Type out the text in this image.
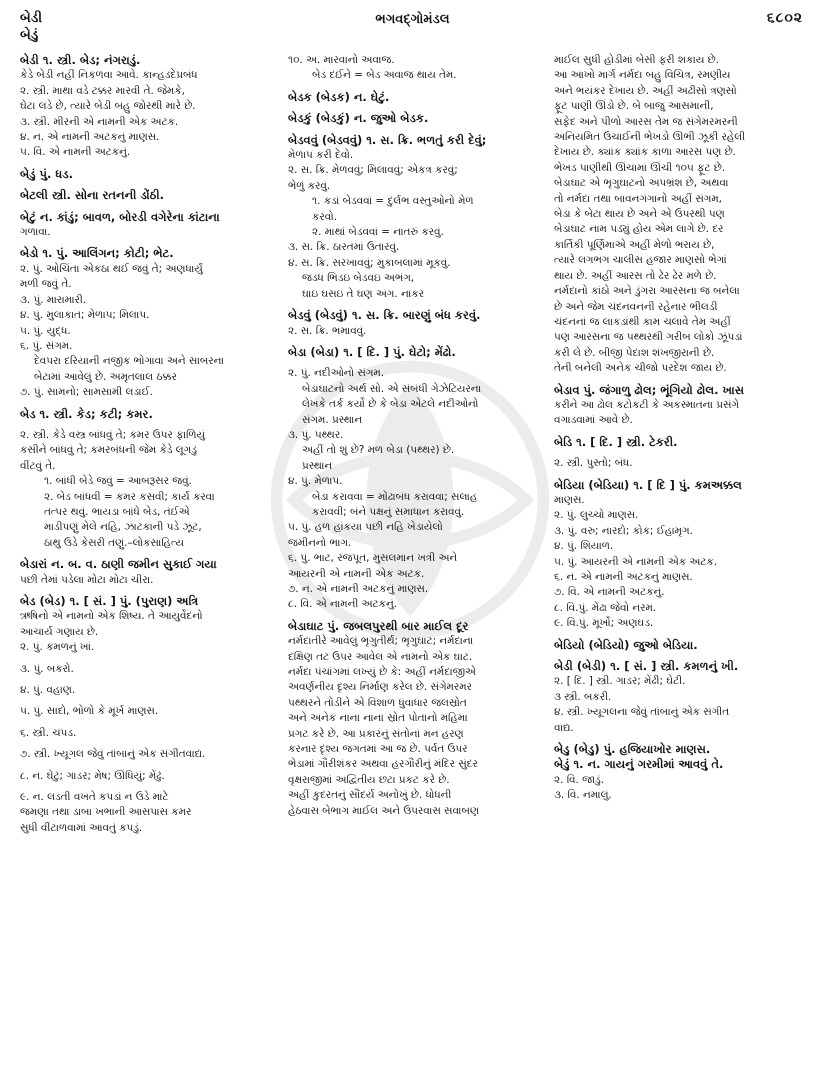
બેડી
બેડું
ભગવદ્ગોમંડલ	૬૮૦૨
બેડી ૧. સ્ત્રી. બેડ; નંગરાડું.
કેડે બેડી નહીં નિકળવા આવે. કાન્હડદેપ્રબંધ
૨. સ્ત્રી. માથા વડે ટક્કર મારવી તે. જેમકે,
ઘેટા લડે છે, ત્યારે બેડી બહુ જોરથી મારે છે.
૩. સ્ત્રી. મીરની એ નામની એક અટક.
૪. ન. એ નામની અટકનું માણસ.
૫. વિ. એ નામની અટકનું.
બેડું પું. ધડ.
બેટલી સ્ત્રી. સોના રતનની ડોંઠી.
બેટું ન. કાંડું; બાવળ, બોરડી વગેરેના કાંટાના
ગળાવા.
બેડો ૧. પું. આલિંગન; કોટી; ભેટ.
૨. પું. ઓચિંતા એકઠા થઈ જવું તે; અણધાર્યું
મળી જવું તે.
૩. પું. મારામારી.
૪. પું. મુલાકાત; મેળાપ; મિલાપ.
૫. પું. યુદ્ધ.
૬. પું. સંગમ.
દેવપરા દરિયાની નજીક ભોગાવા અને સાબરના
બેટામાં આવેલું છે. અમૃતલાલ ઠક્કર
૭. પું. સામનો; સામસામી લડાઈ.
બેડ ૧. સ્ત્રી. કેડ; કટી; કમર.
૨. સ્ત્રી. કેડે વસ્ત્ર બાંધવું તે; કમર ઉપર ફાળિયું
કસીને બાંધવું તે; કમરબંધની જેમ કેડે લૂગડું
વીંટવું તે.
૧. બાંધી બેડે જવું = આબરૂસર જવું.
૨. બેડ બાંધવી = કમર કસવી; કાર્ય કરવા
તત્પર થવું. ભાયડા બાંધે બેડ, તંઈએ
માડીપણું મેલે નહિ, ઝાટકાની પડે ઝૂટ,
ઠાથુ ઉડે કેસરી તણું.–લોકસાહિત્ય
બેડારાં ન. બ. વ. ઠાણી જમીન સુકાઈ ગયા
પછી તેમાં પડેલા મોટા મોટા ચીરા.
બેડ (બેડ) ૧. [ સં. ] પું. (પુરાણ) અત્રિ
ઋષિનો એ નામનો એક શિષ્ય. તે આયુર્વેદનો
આચાર્ય ગણાય છે.
૨. પું. કમળનું ખાં.
૩. પું. બકરો.
૪. પું. વહાણ.
૫. પું. સાદો, ભોળો કે મૂર્ખ માણસ.
૬. સ્ત્રી. ચપડ.
૭. સ્ત્રી. ખ્યૂગલ જેવું તાંબાનું એક સંગીતવાદ્ય.
૮. ન. ઘેટું; ગાડર; મેષ; ઊંધિયું; મેંઢું.
૯. ન. લડતી વખતે કપડાં ન ઉડે માટે
જમણા તથા ડાબા ખભાની આસપાસ કમર
સુધી વીંટાળવામાં આવતું કપડું.
૧૦. અ. મારવાનો અવાજ.
બેડ દઈને = બેડ અવાજ થાય તેમ.
બેડક (બેડક) ન. ઘેટું.
બેડકું (બેડકું) ન. જુઓ બેડક.
બેડવવું (બેડવવું) ૧. સ. ક્રિ. ભળતું કરી દેવું;
મેળાપ કરી દેવો.
૨. સ. ક્રિ. મેળવવું; મિલાવવું; એકત્ર કરવું;
ભેળું કરવું.
૧. કડાં બેડવવાં = દુર્લભ વસ્તુઓનો મેળ
કરવો.
૨. માથાં બેડવવાં = નાતરું કરવું.
૩. સ. ક્રિ. ઠારતમાં ઉતારવું.
૪. સ. ક્રિ. સરખાવવું; મુકાબલામાં મૂકવું.
જડધ ભિડઇ બેડવઇ અભંગ,
ઘાઇ ઘસઇ તે ઘણ અંગ. નાકર
બેડવું (બેડવું) ૧. સ. ક્રિ. બારણું બંધ કરવું.
૨. સ. ક્રિ. ભમાવવું.
બેડા (બેડા) ૧. [ દિ. ] પું. ઘેટો; મેંઢો.
૨. પું. નદીઓનો સંગમ.
બેડાઘાટનો અર્થ સો. એ સંબંધી ગેઝેટિયરના
લેખકે તર્ક કર્યો છે કે બેડા એટલે નદીઓનો
સંગમ. પ્રસ્થાન
૩. પું. પથ્થર.
અહીં તો શું છે? મળ બેડા (પથ્થર) છે.
પ્રસ્થાન
૪. પું. મેળાપ.
બેડા કરાવવા = મોંઢાબંધ કરાવવા; સલાહ
કરાવવી; બંને પક્ષનું સમાધાન કરાવવું.
૫. પું. હળ હાંકયા પછી નહિ ખેડાયેલો
જમીનનો ભાગ.
૬. પું. ભાટ, રજપૂત, મુસલમાન ખત્રી અને
આયરની એ નામની એક અટક.
૭. ન. એ નામની અટકનું માણસ.
૮. વિ. એ નામની અટકનું.
બેડાઘાટ પું. જબલપુરથી બાર માઈલ દૂર
નર્મદાતીરે આવેલું ભૃગુતીર્થ; ભૃગુઘાટ; નર્મદાના
દક્ષિણ તટ ઉપર આવેલ એ નામનો એક ઘાટ.
નર્મદા પંચાંગમાં લખ્યું છે કે: અહીં નર્મદાજીએ
અવર્ણનીય દૃશ્ય નિર્માણ કરેલ છે. સંગેમરમર
પથ્થરને તોડીને એ વિશાળ ધુંવાધાર જલસ્રોત
અને અનેક નાના નાના સ્રોત પોતાનો મહિમા
પ્રગટ કરે છે. આ પ્રકારનું સંતોનાં મન હરણ
કરનાર દૃશ્ય જગતમાં આ જ છે. પર્વત ઉપર
ભેડામાં ગૌરીશંકર અથવા હરગૌરીનું મંદિર સુંદર
વૃક્ષરાજીમાં અદ્વિતીય છટા પ્રકટ કરે છે.
અહીં કુદરતનું સૌંદર્ય અનોખું છે. ધોધની
હેઠવાસ બેભાગ માઈલ અને ઉપરવાસ સવાબણ
માઈલ સુધી હોડીમાં બેસી ફરી શકાય છે.
આ આખો માર્ગ નર્મદા બહુ વિચિત્ર, રમણીય
અને ભયંકર દેખાય છે. અહીં અઢીસો ત્રણસો
ફૂટ પાણી ઊંડો છે. બે બાજુ આસમાની,
સફેદ અને પીળો આરસ તેમ જ સંગેમરમરની
અનિયમિત ઉંચાઈની ભેખડો ઊભી ઝૂકી રહેલી
દેખાય છે. ક્યાંક ક્યાંક કાળા આરસ પણ છે.
ભેખડ પાણીથી ઊંચામાં ઊંચી ૧૦૫ ફૂટ છે.
બેડાઘાટ એ ભૃગુઘાટનો અપભ્રંશ છે, અથવા
તો નર્મદા તથા બાવનગંગાનો અહીં સંગમ,
બેડા કે બેટા થાય છે અને એ ઉપરથી પણ
બેડાઘાટ નામ પડ્યું હોય એમ લાગે છે. દર
કાર્તિકી પૂર્ણિમાએ અહીં મેળો ભરાય છે,
ત્યારે લગભગ ચાલીસ હજાર માણસો ભેગાં
થાય છે. અહીં આરસ તો ઢેર ઢેર મળે છે.
નર્મદાનો કાંઠો અને ડુંગરા આરસના જ બનેલા
છે અને જેમ ચંદનવનની રહેનાર ભીલડી
ચંદનનાં જ લાકડાંથી કામ ચલાવે તેમ અહીં
પણ આરસના જ પથ્થરથી ગરીબ લોકો ઝૂંપડાં
કરી લે છે. બીજી પેદાશ શંખજીરાની છે.
તેની બનેલી અનેક ચીજો પરદેશ જાય છે.
બેડાવ પું. જંગાળુ ઢોલ; ભૂંગિયો ઢોલ. ખાસ
કરીને આ ઢોલ કટોકટી કે અકસ્માતના પ્રસંગે
વગાડવામાં આવે છે.
બેડિ ૧. [ દિ. ] સ્ત્રી. ટેકરી.
૨. સ્ત્રી. પુસ્તો; બંધ.
બેડિયા (બેડિયા) ૧. [ દિ ] પું. કમઅક્કલ
માણસ.
૨. પું. લુચ્ચો માણસ.
૩. પું. વરુ; નારદો; કોક; ઈહામૃગ.
૪. પું. શિયાળ.
૫. પું. આયરની એ નામની એક અટક.
૬. ન. એ નામની અટકનું માણસ.
૭. વિ. એ નામની અટકનું.
૮. વિ.પું. મેંઢા જેવો નરમ.
૯. વિ.પું. મૂર્ખો; અણઘડ.
બેડિયો (બેડિયો) જુઓ બેડિયા.
બેડી (બેડી) ૧. [ સં. ] સ્ત્રી. કમળનું ખી.
૨. [ દિ. ] સ્ત્રી. ગાડર; મેંઢી; ઘેટી.
૩ સ્ત્રી. બકરી.
૪. સ્ત્રી. ખ્યૂગલના જેવું તાંબાનું એક સંગીત
વાદ્ય.
બેડુ (બેડુ) પું. હજિયાખોર માણસ.
બેડું ૧. ન. ગાયનું ગરમીમાં આવવું તે.
૨. વિ. જાડું.
૩. વિ. નમાલું.
